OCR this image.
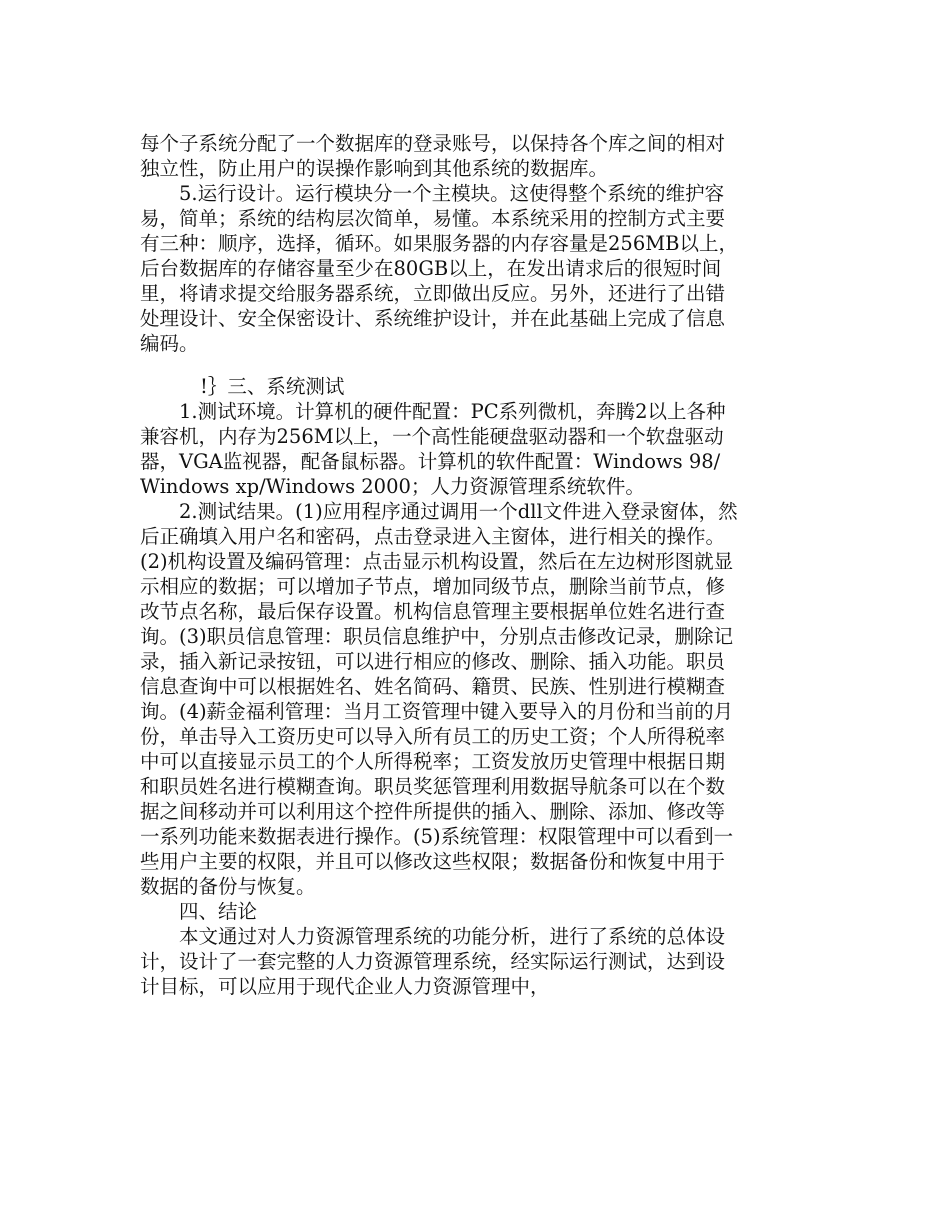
每个子系统分配了一个数据库的登录账号，以保持各个库之间的相对独立性，防止用户的误操作影响到其他系统的数据库。

5.运行设计。运行模块分一个主模块。这使得整个系统的维护容易，简单；系统的结构层次简单，易懂。本系统采用的控制方式主要有三种：顺序，选择，循环。如果服务器的内存容量是256MB以上，后台数据库的存储容量至少在80GB以上，在发出请求后的很短时间里，将请求提交给服务器系统，立即做出反应。另外，还进行了出错处理设计、安全保密设计、系统维护设计，并在此基础上完成了信息编码。

!｝三、系统测试

1.测试环境。计算机的硬件配置：PC系列微机，奔腾2以上各种兼容机，内存为256M以上，一个高性能硬盘驱动器和一个软盘驱动器，VGA监视器，配备鼠标器。计算机的软件配置：Windows 98/Windows xp/Windows 2000；人力资源管理系统软件。

2.测试结果。(1)应用程序通过调用一个dll文件进入登录窗体，然后正确填入用户名和密码，点击登录进入主窗体，进行相关的操作。(2)机构设置及编码管理：点击显示机构设置，然后在左边树形图就显示相应的数据；可以增加子节点，增加同级节点，删除当前节点，修改节点名称，最后保存设置。机构信息管理主要根据单位姓名进行查询。(3)职员信息管理：职员信息维护中，分别点击修改记录，删除记录，插入新记录按钮，可以进行相应的修改、删除、插入功能。职员信息查询中可以根据姓名、姓名简码、籍贯、民族、性别进行模糊查询。(4)薪金福利管理：当月工资管理中键入要导入的月份和当前的月份，单击导入工资历史可以导入所有员工的历史工资；个人所得税率中可以直接显示员工的个人所得税率；工资发放历史管理中根据日期和职员姓名进行模糊查询。职员奖惩管理利用数据导航条可以在个数据之间移动并可以利用这个控件所提供的插入、删除、添加、修改等一系列功能来数据表进行操作。(5)系统管理：权限管理中可以看到一些用户主要的权限，并且可以修改这些权限；数据备份和恢复中用于数据的备份与恢复。

四、结论

本文通过对人力资源管理系统的功能分析，进行了系统的总体设计，设计了一套完整的人力资源管理系统，经实际运行测试，达到设计目标，可以应用于现代企业人力资源管理中，
